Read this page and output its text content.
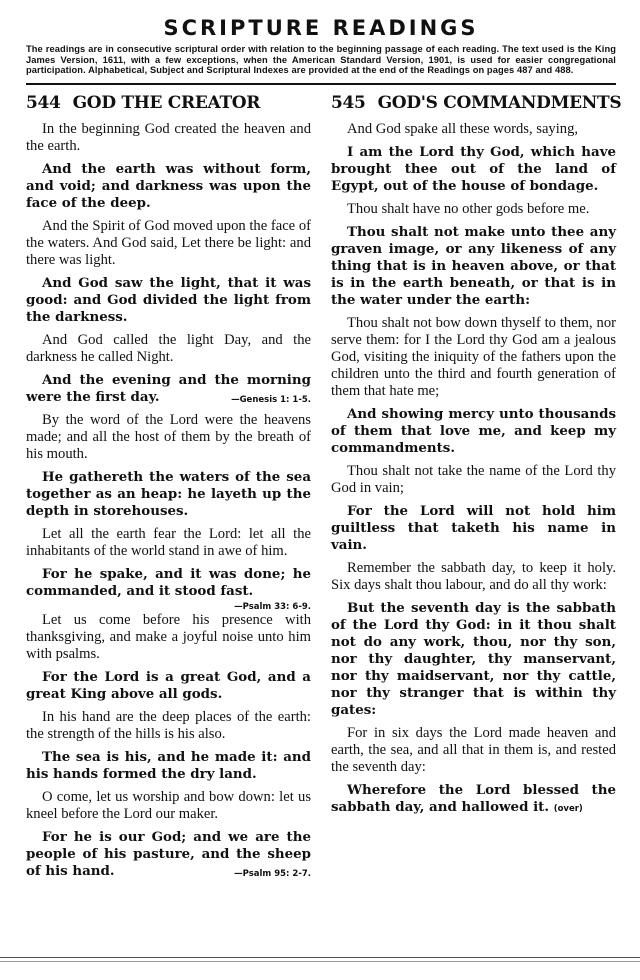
SCRIPTURE READINGS
The readings are in consecutive scriptural order with relation to the beginning passage of each reading. The text used is the King James Version, 1611, with a few exceptions, when the American Standard Version, 1901, is used for easier congregational participation. Alphabetical, Subject and Scriptural Indexes are provided at the end of the Readings on pages 487 and 488.
544 GOD THE CREATOR

In the beginning God created the heaven and the earth.

And the earth was without form, and void; and darkness was upon the face of the deep.

And the Spirit of God moved upon the face of the waters. And God said, Let there be light: and there was light.

And God saw the light, that it was good: and God divided the light from the darkness.

And God called the light Day, and the darkness he called Night.

And the evening and the morning were the first day.	—Genesis 1: 1-5.

By the word of the Lord were the heavens made; and all the host of them by the breath of his mouth.

He gathereth the waters of the sea together as an heap: he layeth up the depth in storehouses.

Let all the earth fear the Lord: let all the inhabitants of the world stand in awe of him.

For he spake, and it was done; he commanded, and it stood fast.

—Psalm 33: 6-9.

Let us come before his presence with thanksgiving, and make a joyful noise unto him with psalms.

For the Lord is a great God, and a great King above all gods.

In his hand are the deep places of the earth: the strength of the hills is his also.

The sea is his, and he made it: and his hands formed the dry land.

O come, let us worship and bow down: let us kneel before the Lord our maker.

For he is our God; and we are the people of his pasture, and the sheep of his hand.	—Psalm 95: 2-7.

545 GOD'S COMMANDMENTS

And God spake all these words, saying,

I am the Lord thy God, which have brought thee out of the land of Egypt, out of the house of bondage.

Thou shalt have no other gods before me.

Thou shalt not make unto thee any graven image, or any likeness of any thing that is in heaven above, or that is in the earth beneath, or that is in the water under the earth:

Thou shalt not bow down thyself to them, nor serve them: for I the Lord thy God am a jealous God, visiting the iniquity of the fathers upon the children unto the third and fourth generation of them that hate me;

And showing mercy unto thousands of them that love me, and keep my commandments.

Thou shalt not take the name of the Lord thy God in vain;

For the Lord will not hold him guiltless that taketh his name in vain.

Remember the sabbath day, to keep it holy. Six days shalt thou labour, and do all thy work:

But the seventh day is the sabbath of the Lord thy God: in it thou shalt not do any work, thou, nor thy son, nor thy daughter, thy manservant, nor thy maidservant, nor thy cattle, nor thy stranger that is within thy gates:

For in six days the Lord made heaven and earth, the sea, and all that in them is, and rested the seventh day:

Wherefore the Lord blessed the sabbath day, and hallowed it. (over)
